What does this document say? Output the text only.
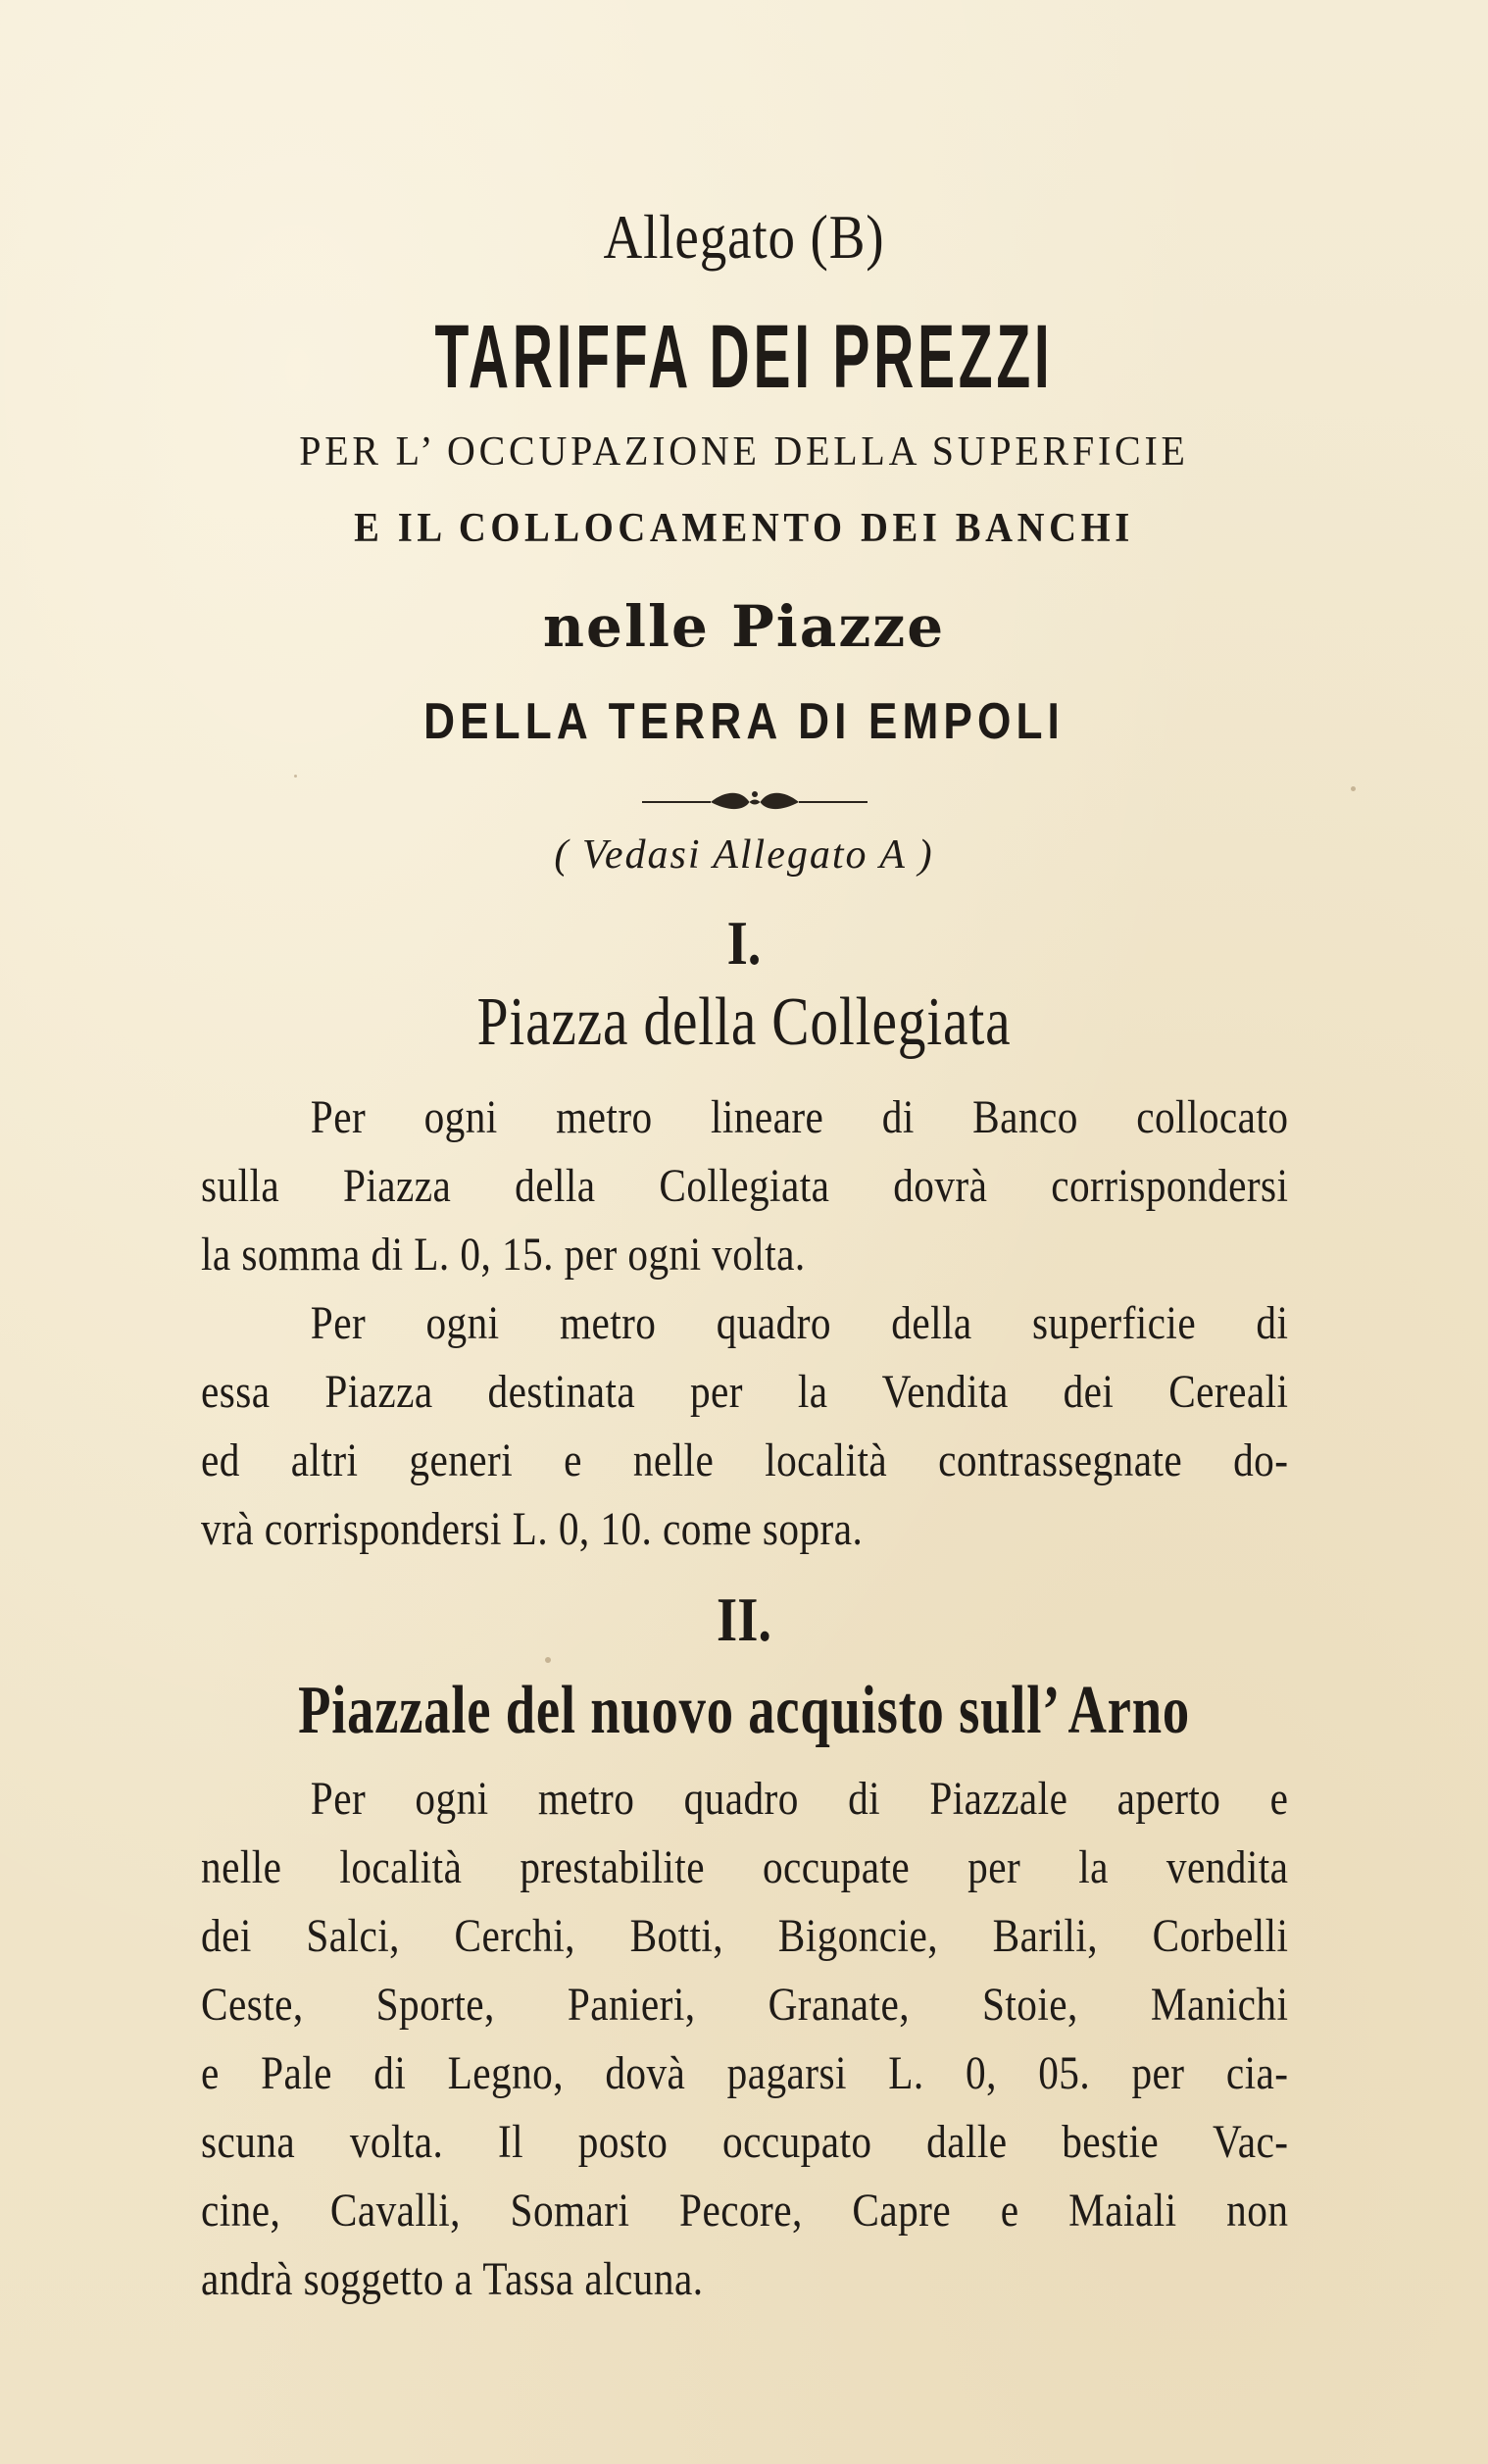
Allegato (B)
TARIFFA DEI PREZZI
PER L’ OCCUPAZIONE DELLA SUPERFICIE
E IL COLLOCAMENTO DEI BANCHI
nelle Piazze
DELLA TERRA DI EMPOLI
( Vedasi Allegato A )
I.
Piazza della Collegiata
Per ogni metro lineare di Banco collocato
sulla Piazza della Collegiata dovrà corrispondersi
la somma di L. 0, 15. per ogni volta.
Per ogni metro quadro della superficie di
essa Piazza destinata per la Vendita dei Cereali
ed altri generi e nelle località contrassegnate do-
vrà corrispondersi L. 0, 10. come sopra.
II.
Piazzale del nuovo acquisto sull’ Arno
Per ogni metro quadro di Piazzale aperto e
nelle località prestabilite occupate per la vendita
dei Salci, Cerchi, Botti, Bigoncie, Barili, Corbelli
Ceste, Sporte, Panieri, Granate, Stoie, Manichi
e Pale di Legno, dovà pagarsi L. 0, 05. per cia-
scuna volta. Il posto occupato dalle bestie Vac-
cine, Cavalli, Somari Pecore, Capre e Maiali non
andrà soggetto a Tassa alcuna.
